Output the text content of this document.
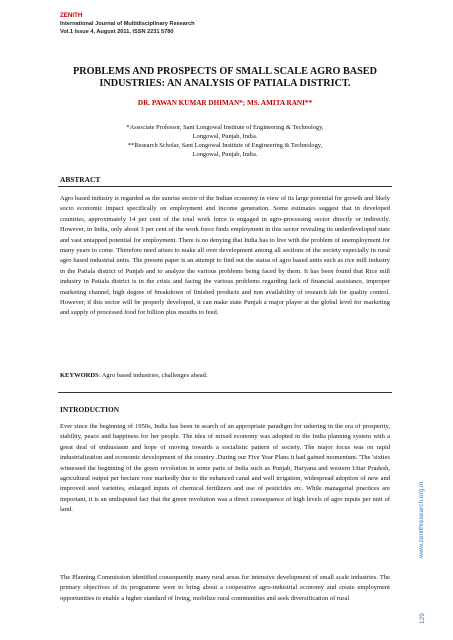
ZENITH
International Journal of Multidisciplinary Research
Vol.1 Issue 4, August 2011, ISSN 2231 5780
PROBLEMS AND PROSPECTS OF SMALL SCALE AGRO BASED
INDUSTRIES: AN ANALYSIS OF PATIALA DISTRICT.
DR. PAWAN KUMAR DHIMAN*; MS. AMITA RANI**

*Associate Professor, Sant Longowal Institute of Engineering & Technology,

Longowal, Punjab, India.

**Research Scholar, Sant Longowal Institute of Engineering & Technology,

Longowal, Punjab, India.

ABSTRACT

Agro based industry is regarded as the sunrise sector of the Indian economy in view of its large potential for growth and likely socio economic impact specifically on employment and income generation. Some estimates suggest that in developed countries, approximately 14 per cent of the total work force is engaged in agro-processing sector directly or indirectly. However, in India, only about 3 per cent of the work force finds employment in this sector revealing its underdeveloped state and vast untapped potential for employment. There is no denying that India has to live with the problem of unemployment for many years to come. Therefore need arises to make all over development among all sections of the society especially in rural agro based industrial units. The present paper is an attempt to find out the status of agro based units such as rice mill industry in the Patiala district of Punjab and to analyze the various problems being faced by them. It has been found that Rice mill industry in Patiala district is in the crisis and facing the various problems regarding lack of financial assistance, improper marketing channel, high degree of breakdown of finished products and non availability of research lab for quality control. However, if this sector will be properly developed, it can make state Punjab a major player at the global level for marketing and supply of processed food for billion plus mouths to feed.

KEYWORDS: Agro based industries, challenges ahead.

INTRODUCTION

Ever since the beginning of 1950s, India has been in search of an appropriate paradigm for ushering in the era of prosperity, stability, peace and happiness for her people. The idea of mixed economy was adopted in the India planning system with a great deal of enthusiasm and hope of moving towards a socialistic pattern of society. The major focus was on rapid industrialization and economic development of the country .During our Five Year Plans it had gained momentum. 'The 'sixties witnessed the beginning of the green revolution in some parts of India such as Punjab, Haryana and western Uttar Pradesh, agricultural output per hectare rose markedly due to the enhanced canal and well irrigation, widespread adoption of new and improved seed varieties, enlarged inputs of chemical fertilizers and use of pesticides etc. While managerial practices are important, it is an undisputed fact that the green revolution was a direct consequence of high levels of agro inputs per unit of land.

The Planning Commission identified consequently many rural areas for intensive development of small scale industries. The primary objectives of its programme were to bring about a cooperative agro-industrial economy and create employment opportunities to enable a higher standard of living, mobilize rural communities and seek diversification of rural

www.zenithresearch.org.in
129
